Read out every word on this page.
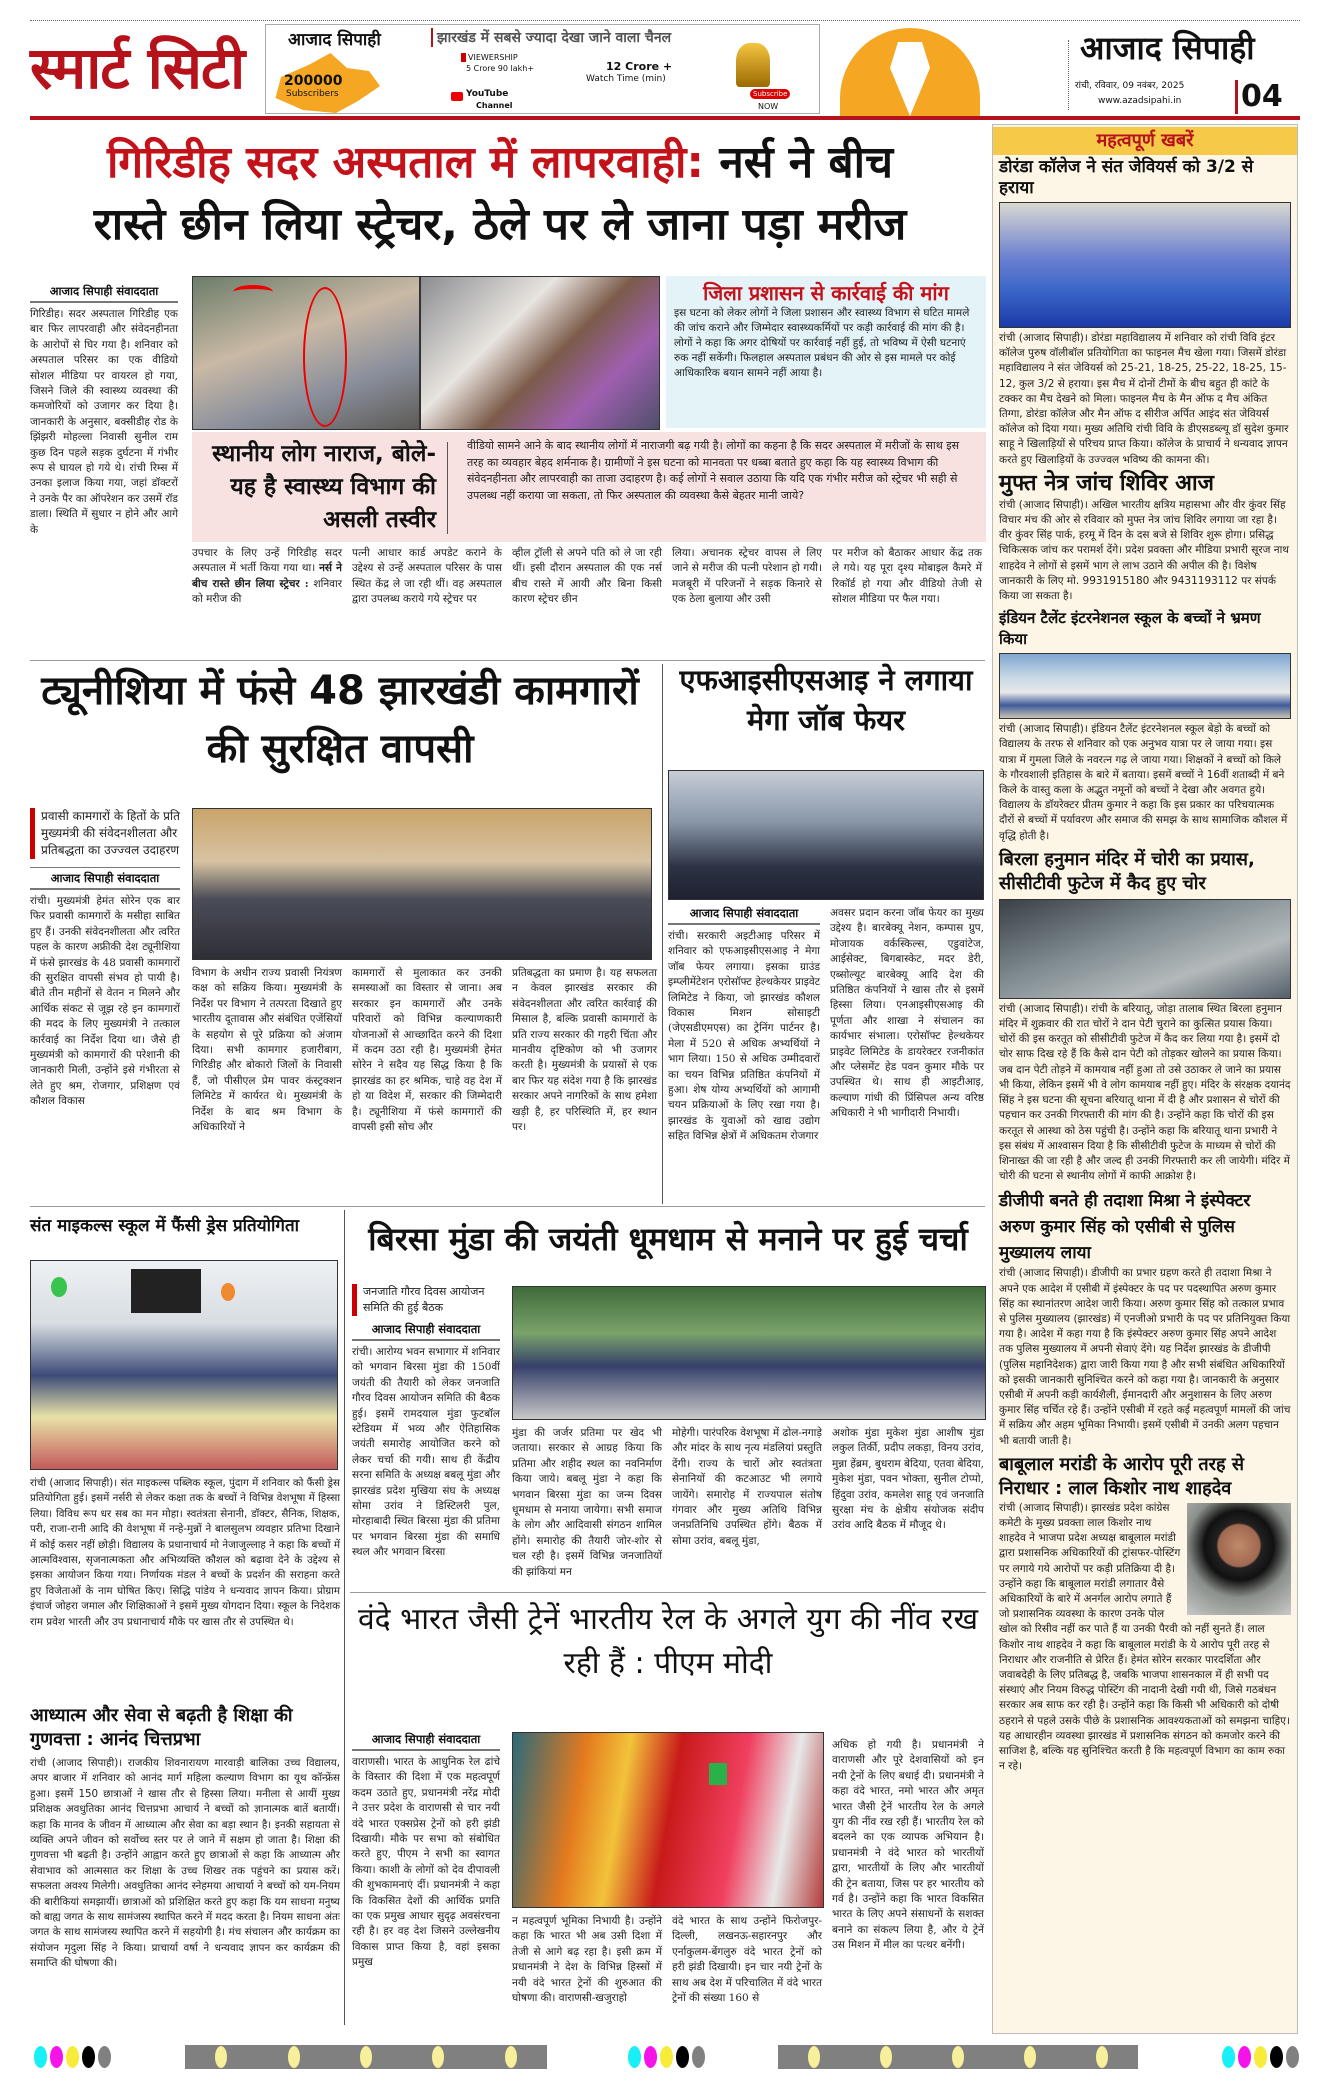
स्मार्ट सिटी	200000
Subscribers
आजाद सिपाही	झारखंड में सबसे ज्यादा देखा जाने वाला चैनल
VIEWERSHIP
5 Crore 90 lakh+	12 Crore +
Watch Time (min)
YouTube
Channel
Subscribe
NOW
आजाद सिपाही
रांची, रविवार, 09 नवंबर, 2025
www.azadsipahi.in 04
गिरिडीह सदर अस्पताल में लापरवाही: नर्स ने बीच
रास्ते छीन लिया स्ट्रेचर, ठेले पर ले जाना पड़ा मरीज
आजाद सिपाही संवाददाता
गिरिडीह। सदर अस्पताल गिरिडीह एक बार फिर लापरवाही और संवेदनहीनता के आरोपों से घिर गया है। शनिवार को अस्पताल परिसर का एक वीडियो सोशल मीडिया पर वायरल हो गया, जिसने जिले की स्वास्थ्य व्यवस्था की कमजोरियों को उजागर कर दिया है। जानकारी के अनुसार, बक्सीडीह रोड के झिंझरी मोहल्ला निवासी सुनील राम कुछ दिन पहले सड़क दुर्घटना में गंभीर रूप से घायल हो गये थे। रांची रिम्स में उनका इलाज किया गया, जहां डॉक्टरों ने उनके पैर का ऑपरेशन कर उसमें रॉड डाला। स्थिति में सुधार न होने और आगे के
जिला प्रशासन से कार्रवाई की मांग
इस घटना को लेकर लोगों ने जिला प्रशासन और स्वास्थ्य विभाग से घटित मामले की जांच कराने और जिम्मेदार स्वास्थ्यकर्मियों पर कड़ी कार्रवाई की मांग की है। लोगों ने कहा कि अगर दोषियों पर कार्रवाई नहीं हुई, तो भविष्य में ऐसी घटनाएं रुक नहीं सकेंगी। फिलहाल अस्पताल प्रबंधन की ओर से इस मामले पर कोई आधिकारिक बयान सामने नहीं आया है।
स्थानीय लोग नाराज, बोले-यह है स्वास्थ्य विभाग की असली तस्वीर
वीडियो सामने आने के बाद स्थानीय लोगों में नाराजगी बढ़ गयी है। लोगों का कहना है कि सदर अस्पताल में मरीजों के साथ इस तरह का व्यवहार बेहद शर्मनाक है। ग्रामीणों ने इस घटना को मानवता पर धब्बा बताते हुए कहा कि यह स्वास्थ्य विभाग की संवेदनहीनता और लापरवाही का ताजा उदाहरण है। कई लोगों ने सवाल उठाया कि यदि एक गंभीर मरीज को स्ट्रेचर भी सही से उपलब्ध नहीं कराया जा सकता, तो फिर अस्पताल की व्यवस्था कैसे बेहतर मानी जाये?
उपचार के लिए उन्हें गिरिडीह सदर अस्पताल में भर्ती किया गया था। नर्स ने बीच रास्ते छीन लिया स्ट्रेचर : शनिवार को मरीज की
पत्नी आधार कार्ड अपडेट कराने के उद्देश्य से उन्हें अस्पताल परिसर के पास स्थित केंद्र ले जा रही थीं। वह अस्पताल द्वारा उपलब्ध कराये गये स्ट्रेचर पर
व्हील ट्रॉली से अपने पति को ले जा रही थीं। इसी दौरान अस्पताल की एक नर्स बीच रास्ते में आयी और बिना किसी कारण स्ट्रेचर छीन
लिया। अचानक स्ट्रेचर वापस ले लिए जाने से मरीज की पत्नी परेशान हो गयी। मजबूरी में परिजनों ने सड़क किनारे से एक ठेला बुलाया और उसी
पर मरीज को बैठाकर आधार केंद्र तक ले गये। यह पूरा दृश्य मोबाइल कैमरे में रिकॉर्ड हो गया और वीडियो तेजी से सोशल मीडिया पर फैल गया।
ट्यूनीशिया में फंसे 48 झारखंडी कामगारों की सुरक्षित वापसी
प्रवासी कामगारों के हितों के प्रति मुख्यमंत्री की संवेदनशीलता और प्रतिबद्धता का उज्ज्वल उदाहरण
आजाद सिपाही संवाददाता
रांची। मुख्यमंत्री हेमंत सोरेन एक बार फिर प्रवासी कामगारों के मसीहा साबित हुए हैं। उनकी संवेदनशीलता और त्वरित पहल के कारण अफ्रीकी देश ट्यूनीशिया में फंसे झारखंड के 48 प्रवासी कामगारों की सुरक्षित वापसी संभव हो पायी है। बीते तीन महीनों से वेतन न मिलने और आर्थिक संकट से जूझ रहे इन कामगारों की मदद के लिए मुख्यमंत्री ने तत्काल कार्रवाई का निर्देश दिया था। जैसे ही मुख्यमंत्री को कामगारों की परेशानी की जानकारी मिली, उन्होंने इसे गंभीरता से लेते हुए श्रम, रोजगार, प्रशिक्षण एवं कौशल विकास
विभाग के अधीन राज्य प्रवासी नियंत्रण कक्ष को सक्रिय किया। मुख्यमंत्री के निर्देश पर विभाग ने तत्परता दिखाते हुए भारतीय दूतावास और संबंधित एजेंसियों के सहयोग से पूरे प्रक्रिया को अंजाम दिया। सभी कामगार हजारीबाग, गिरिडीह और बोकारो जिलों के निवासी हैं, जो पीसीएल प्रेम पावर कंस्ट्रक्शन लिमिटेड में कार्यरत थे। मुख्यमंत्री के निर्देश के बाद श्रम विभाग के अधिकारियों ने
कामगारों से मुलाकात कर उनकी समस्याओं का विस्तार से जाना। अब सरकार इन कामगारों और उनके परिवारों को विभिन्न कल्याणकारी योजनाओं से आच्छादित करने की दिशा में कदम उठा रही है। मुख्यमंत्री हेमंत सोरेन ने सदैव यह सिद्ध किया है कि झारखंड का हर श्रमिक, चाहे वह देश में हो या विदेश में, सरकार की जिम्मेदारी है। ट्यूनीशिया में फंसे कामगारों की वापसी इसी सोच और
प्रतिबद्धता का प्रमाण है। यह सफलता न केवल झारखंड सरकार की संवेदनशीलता और त्वरित कार्रवाई की मिसाल है, बल्कि प्रवासी कामगारों के प्रति राज्य सरकार की गहरी चिंता और मानवीय दृष्टिकोण को भी उजागर करती है। मुख्यमंत्री के प्रयासों से एक बार फिर यह संदेश गया है कि झारखंड सरकार अपने नागरिकों के साथ हमेशा खड़ी है, हर परिस्थिति में, हर स्थान पर।
एफआइसीएसआइ ने लगाया मेगा जॉब फेयर
आजाद सिपाही संवाददाता
रांची। सरकारी अइटीआइ परिसर में शनिवार को एफआइसीएसआइ ने मेगा जॉब फेयर लगाया। इसका ग्राउंड इम्प्लीमेंटेशन एरोसॉफ्ट हेल्थकेयर प्राइवेट लिमिटेड ने किया, जो झारखंड कौशल विकास मिशन सोसाइटी (जेएसडीएमएस) का ट्रेनिंग पार्टनर है। मेला में 520 से अधिक अभ्यर्थियों ने भाग लिया। 150 से अधिक उम्मीदवारों का चयन विभिन्न प्रतिष्ठित कंपनियों में हुआ। शेष योग्य अभ्यर्थियों को आगामी चयन प्रक्रियाओं के लिए रखा गया है। झारखंड के युवाओं को खाद्य उद्योग सहित विभिन्न क्षेत्रों में अधिकतम रोजगार
अवसर प्रदान करना जॉब फेयर का मुख्य उद्देश्य है। बारबेक्यू नेशन, कम्पास ग्रुप, मोजायक वर्कस्किल्स, एडुवांटेज, आईसेक्ट, बिगबास्केट, मदर डेरी, एब्सोल्यूट बारबेक्यू आदि देश की प्रतिष्ठित कंपनियों ने खास तौर से इसमें हिस्सा लिया। एनआइसीएसआइ की पूर्णता और शाखा ने संचालन का कार्यभार संभाला। एरोसॉफ्ट हेल्थकेयर प्राइवेट लिमिटेड के डायरेक्टर रजनीकांत और प्लेसमेंट हेड पवन कुमार मौके पर उपस्थित थे। साथ ही आइटीआइ, कल्याण गांधी की प्रिंसिपल अन्य वरिष्ठ अधिकारी ने भी भागीदारी निभायी।
संत माइकल्स स्कूल में फैंसी ड्रेस प्रतियोगिता
रांची (आजाद सिपाही)। संत माइकल्स पब्लिक स्कूल, पुंदाग में शनिवार को फैंसी ड्रेस प्रतियोगिता हुई। इसमें नर्सरी से लेकर कक्षा तक के बच्चों ने विभिन्न वेशभूषा में हिस्सा लिया। विविध रूप धर सब का मन मोहा। स्वतंत्रता सेनानी, डॉक्टर, सैनिक, शिक्षक, परी, राजा-रानी आदि की वेशभूषा में नन्हे-मुन्नों ने बालसुलभ व्यवहार प्रतिभा दिखाने में कोई कसर नहीं छोड़ी। विद्यालय के प्रधानाचार्य मो नेजाजुल्लाह ने कहा कि बच्चों में आत्मविश्वास, सृजनात्मकता और अभिव्यक्ति कौशल को बढ़ावा देने के उद्देश्य से इसका आयोजन किया गया। निर्णायक मंडल ने बच्चों के प्रदर्शन की सराहना करते हुए विजेताओं के नाम घोषित किए। सिद्धि पांडेय ने धन्यवाद ज्ञापन किया। प्रोग्राम इंचार्ज जोहरा जमाल और शिक्षिकाओं ने इसमें मुख्य योगदान दिया। स्कूल के निदेशक राम प्रवेश भारती और उप प्रधानाचार्य मौके पर खास तौर से उपस्थित थे।
आध्यात्म और सेवा से बढ़ती है शिक्षा की गुणवत्ता : आनंद चित्तप्रभा
रांची (आजाद सिपाही)। राजकीय शिवनारायण मारवाड़ी बालिका उच्च विद्यालय, अपर बाजार में शनिवार को आनंद मार्ग महिला कल्याण विभाग का यूथ कॉन्फ्रेंस हुआ। इसमें 150 छात्राओं ने खास तौर से हिस्सा लिया। मनीला से आयीं मुख्य प्रशिक्षक अवधुतिका आनंद चित्तप्रभा आचार्य ने बच्चों को ज्ञानात्मक बातें बतायीं। कहा कि मानव के जीवन में आध्यात्म और सेवा का बड़ा स्थान है। इनकी सहायता से व्यक्ति अपने जीवन को सर्वोच्च स्तर पर ले जाने में सक्षम हो जाता है। शिक्षा की गुणवत्ता भी बढ़ती है। उन्होंने आह्वान करते हुए छात्राओं से कहा कि आध्यात्म और सेवाभाव को आत्मसात कर शिक्षा के उच्च शिखर तक पहुंचने का प्रयास करें। सफलता अवश्य मिलेगी। अवधुतिका आनंद स्नेहमया आचार्या ने बच्चों को यम-नियम की बारीकियां समझायीं। छात्राओं को प्रशिक्षित करते हुए कहा कि यम साधना मनुष्य को बाह्य जगत के साथ सामंजस्य स्थापित करने में मदद करता है। नियम साधना अंतः जगत के साथ सामंजस्य स्थापित करने में सहयोगी है। मंच संचालन और कार्यक्रम का संयोजन मृदुला सिंह ने किया। प्राचार्या वर्षा ने धन्यवाद ज्ञापन कर कार्यक्रम की समाप्ति की घोषणा की।
बिरसा मुंडा की जयंती धूमधाम से मनाने पर हुई चर्चा
जनजाति गौरव दिवस आयोजन समिति की हुई बैठक
आजाद सिपाही संवाददाता
रांची। आरोग्य भवन सभागार में शनिवार को भगवान बिरसा मुंडा की 150वीं जयंती की तैयारी को लेकर जनजाति गौरव दिवस आयोजन समिति की बैठक हुई। इसमें रामदयाल मुंडा फुटबॉल स्टेडियम में भव्य और ऐतिहासिक जयंती समारोह आयोजित करने को लेकर चर्चा की गयी। साथ ही केंद्रीय सरना समिति के अध्यक्ष बबलू मुंडा और झारखंड प्रदेश मुखिया संघ के अध्यक्ष सोमा उरांव ने डिस्टिलरी पुल, मोरहाबादी स्थित बिरसा मुंडा की प्रतिमा पर भगवान बिरसा मुंडा की समाधि स्थल और भगवान बिरसा
मुंडा की जर्जर प्रतिमा पर खेद भी जताया। सरकार से आग्रह किया कि प्रतिमा और शहीद स्थल का नवनिर्माण किया जाये। बबलू मुंडा ने कहा कि भगवान बिरसा मुंडा का जन्म दिवस धूमधाम से मनाया जायेगा। सभी समाज के लोग और आदिवासी संगठन शामिल होंगे। समारोह की तैयारी जोर-शोर से चल रही है। इसमें विभिन्न जनजातियों की झांकियां मन
मोहेगी। पारंपरिक वेशभूषा में ढोल-नगाड़े और मांदर के साथ नृत्य मंडलियां प्रस्तुति देंगी। राज्य के चारों ओर स्वतंत्रता सेनानियों की कटआउट भी लगाये जायेंगे। समारोह में राज्यपाल संतोष गंगवार और मुख्य अतिथि विभिन्न जनप्रतिनिधि उपस्थित होंगे। बैठक में सोमा उरांव, बबलू मुंडा,
अशोक मुंडा मुकेश मुंडा आशीष मुंडा लकुल तिर्की, प्रदीप लकड़ा, विनय उरांव, मुन्ना हेंब्रम, बुधराम बेदिया, एतवा बेदिया, मुकेश मुंडा, पवन भोक्ता, सुनील टोप्पो, हिंदुवा उरांव, कमलेश साहू एवं जनजाति सुरक्षा मंच के क्षेत्रीय संयोजक संदीप उरांव आदि बैठक में मौजूद थे।
वंदे भारत जैसी ट्रेनें भारतीय रेल के अगले युग की नींव रख रही हैं : पीएम मोदी
आजाद सिपाही संवाददाता
वाराणसी। भारत के आधुनिक रेल ढांचे के विस्तार की दिशा में एक महत्वपूर्ण कदम उठाते हुए, प्रधानमंत्री नरेंद्र मोदी ने उत्तर प्रदेश के वाराणसी से चार नयी वंदे भारत एक्सप्रेस ट्रेनों को हरी झंडी दिखायी। मौके पर सभा को संबोधित करते हुए, पीएम ने सभी का स्वागत किया। काशी के लोगों को देव दीपावली की शुभकामनाएं दीं। प्रधानमंत्री ने कहा कि विकसित देशों की आर्थिक प्रगति का एक प्रमुख आधार सुदृढ़ अवसंरचना रही है। हर वह देश जिसने उल्लेखनीय विकास प्राप्त किया है, वहां इसका प्रमुख
न महत्वपूर्ण भूमिका निभायी है। उन्होंने कहा कि भारत भी अब उसी दिशा में तेजी से आगे बढ़ रहा है। इसी क्रम में प्रधानमंत्री ने देश के विभिन्न हिस्सों में नयी वंदे भारत ट्रेनों की शुरुआत की घोषणा की। वाराणसी-खजुराहो
वंदे भारत के साथ उन्होंने फिरोजपुर-दिल्ली, लखनऊ-सहारनपुर और एर्नाकुलम-बेंगलुरु वंदे भारत ट्रेनों को हरी झंडी दिखायी। इन चार नयी ट्रेनों के साथ अब देश में परिचालित में वंदे भारत ट्रेनों की संख्या 160 से
अधिक हो गयी है। प्रधानमंत्री ने वाराणसी और पूरे देशवासियों को इन नयी ट्रेनों के लिए बधाई दी। प्रधानमंत्री ने कहा वंदे भारत, नमो भारत और अमृत भारत जैसी ट्रेनें भारतीय रेल के अगले युग की नींव रख रही हैं। भारतीय रेल को बदलने का एक व्यापक अभियान है। प्रधानमंत्री ने वंदे भारत को भारतीयों द्वारा, भारतीयों के लिए और भारतीयों की ट्रेन बताया, जिस पर हर भारतीय को गर्व है। उन्होंने कहा कि भारत विकसित भारत के लिए अपने संसाधनों के सशक्त बनाने का संकल्प लिया है, और ये ट्रेनें उस मिशन में मील का पत्थर बनेंगी।
महत्वपूर्ण खबरें
डोरंडा कॉलेज ने संत जेवियर्स को 3/2 से हराया
रांची (आजाद सिपाही)। डोरंडा महाविद्यालय में शनिवार को रांची विवि इंटर कॉलेज पुरुष वॉलीबॉल प्रतियोगिता का फाइनल मैच खेला गया। जिसमें डोरंडा महाविद्यालय ने संत जेवियर्स को 25-21, 18-25, 25-22, 18-25, 15-12, कुल 3/2 से हराया। इस मैच में दोनों टीमों के बीच बहुत ही कांटे के टक्कर का मैच देखने को मिला। फाइनल मैच के मैन ऑफ द मैच अंकित तिग्गा, डोरंडा कॉलेज और मैन ऑफ द सीरीज अर्पित आइंद संत जेवियर्स कॉलेज को दिया गया। मुख्य अतिथि रांची विवि के डीएसडब्ल्यू डॉ सुदेश कुमार साहू ने खिलाड़ियों से परिचय प्राप्त किया। कॉलेज के प्राचार्य ने धन्यवाद ज्ञापन करते हुए खिलाड़ियों के उज्ज्वल भविष्य की कामना की।
मुफ्त नेत्र जांच शिविर आज
रांची (आजाद सिपाही)। अखिल भारतीय क्षत्रिय महासभा और वीर कुंवर सिंह विचार मंच की ओर से रविवार को मुफ्त नेत्र जांच शिविर लगाया जा रहा है। वीर कुंवर सिंह पार्क, हरमू में दिन के दस बजे से शिविर शुरू होगा। प्रसिद्ध चिकित्सक जांच कर परामर्श देंगे। प्रदेश प्रवक्ता और मीडिया प्रभारी सूरज नाथ शाहदेव ने लोगों से इसमें भाग ले लाभ उठाने की अपील की है। विशेष जानकारी के लिए मो. 9931915180 और 9431193112 पर संपर्क किया जा सकता है।
इंडियन टैलेंट इंटरनेशनल स्कूल के बच्चों ने भ्रमण किया
रांची (आजाद सिपाही)। इंडियन टैलेंट इंटरनेशनल स्कूल बेड़ो के बच्चों को विद्यालय के तरफ से शनिवार को एक अनुभव यात्रा पर ले जाया गया। इस यात्रा में गुमला जिले के नवरत्न गढ़ ले जाया गया। शिक्षकों ने बच्चों को किले के गौरवशाली इतिहास के बारे में बताया। इसमें बच्चों ने 16वीं शताब्दी में बने किले के वास्तु कला के अद्भुत नमूनों को बच्चों ने देखा और अवगत हुये। विद्यालय के डॉयरेक्टर प्रीतम कुमार ने कहा कि इस प्रकार का परिचयात्मक दौरों से बच्चों में पर्यावरण और समाज की समझ के साथ सामाजिक कौशल में वृद्धि होती है।
बिरला हनुमान मंदिर में चोरी का प्रयास, सीसीटीवी फुटेज में कैद हुए चोर
रांची (आजाद सिपाही)। रांची के बरियातू, जोड़ा तालाब स्थित बिरला हनुमान मंदिर में शुक्रवार की रात चोरों ने दान पेटी चुराने का कुत्सित प्रयास किया। चोरों की इस करतूत को सीसीटीवी फुटेज में कैद कर लिया गया है। इसमें दो चोर साफ दिख रहे हैं कि कैसे दान पेटी को तोड़कर खोलने का प्रयास किया। जब दान पेटी तोड़ने में कामयाब नहीं हुआ तो उसे उठाकर ले जाने का प्रयास भी किया, लेकिन इसमें भी वे लोग कामयाब नहीं हुए। मंदिर के संरक्षक दयानंद सिंह ने इस घटना की सूचना बरियातू थाना में दी है और प्रशासन से चोरों की पहचान कर उनकी गिरफ्तारी की मांग की है। उन्होंने कहा कि चोरों की इस करतूत से आस्था को ठेस पहुंची है। उन्होंने कहा कि बरियातू थाना प्रभारी ने इस संबंध में आश्वासन दिया है कि सीसीटीवी फुटेज के माध्यम से चोरों की शिनाख्त की जा रही है और जल्द ही उनकी गिरफ्तारी कर ली जायेगी। मंदिर में चोरी की घटना से स्थानीय लोगों में काफी आक्रोश है।
डीजीपी बनते ही तदाशा मिश्रा ने इंस्पेक्टर अरुण कुमार सिंह को एसीबी से पुलिस मुख्यालय लाया
रांची (आजाद सिपाही)। डीजीपी का प्रभार ग्रहण करते ही तदाशा मिश्रा ने अपने एक आदेश में एसीबी में इंस्पेक्टर के पद पर पदस्थापित अरुण कुमार सिंह का स्थानांतरण आदेश जारी किया। अरुण कुमार सिंह को तत्काल प्रभाव से पुलिस मुख्यालय (झारखंड) में एनजीओ प्रभारी के पद पर प्रतिनियुक्त किया गया है। आदेश में कहा गया है कि इंस्पेक्टर अरुण कुमार सिंह अपने आदेश तक पुलिस मुख्यालय में अपनी सेवाएं देंगे। यह निर्देश झारखंड के डीजीपी (पुलिस महानिदेशक) द्वारा जारी किया गया है और सभी संबंधित अधिकारियों को इसकी जानकारी सुनिश्चित करने को कहा गया है। जानकारी के अनुसार एसीबी में अपनी कड़ी कार्यशैली, ईमानदारी और अनुशासन के लिए अरुण कुमार सिंह चर्चित रहे हैं। उन्होंने एसीबी में रहते कई महत्वपूर्ण मामलों की जांच में सक्रिय और अहम भूमिका निभायी। इसमें एसीबी में उनकी अलग पहचान भी बतायी जाती है।
बाबूलाल मरांडी के आरोप पूरी तरह से निराधार : लाल किशोर नाथ शाहदेव
रांची (आजाद सिपाही)। झारखंड प्रदेश कांग्रेस कमेटी के मुख्य प्रवक्ता लाल किशोर नाथ शाहदेव ने भाजपा प्रदेश अध्यक्ष बाबूलाल मरांडी द्वारा प्रशासनिक अधिकारियों की ट्रांसफर-पोस्टिंग पर लगाये गये आरोपों पर कड़ी प्रतिक्रिया दी है। उन्होंने कहा कि बाबूलाल मरांडी लगातार वैसे अधिकारियों के बारे में अनर्गल आरोप लगाते हैं जो प्रशासनिक व्यवस्था के कारण उनके पोल खोल को रिसीव नहीं कर पाते हैं या उनकी पैरवी को नहीं सुनते हैं। लाल किशोर नाथ शाहदेव ने कहा कि बाबूलाल मरांडी के ये आरोप पूरी तरह से निराधार और राजनीति से प्रेरित हैं। हेमंत सोरेन सरकार पारदर्शिता और जवाबदेही के लिए प्रतिबद्ध है, जबकि भाजपा शासनकाल में ही सभी पद संस्थाएं और नियम विरुद्ध पोस्टिंग की नादानी देखी गयी थी, जिसे गठबंधन सरकार अब साफ कर रही है। उन्होंने कहा कि किसी भी अधिकारी को दोषी ठहराने से पहले उसके पीछे के प्रशासनिक आवश्यकताओं को समझना चाहिए। यह आधारहीन व्यवस्था झारखंड में प्रशासनिक संगठन को कमजोर करने की साजिश है, बल्कि यह सुनिश्चित करती है कि महत्वपूर्ण विभाग का काम रुका न रहे।
